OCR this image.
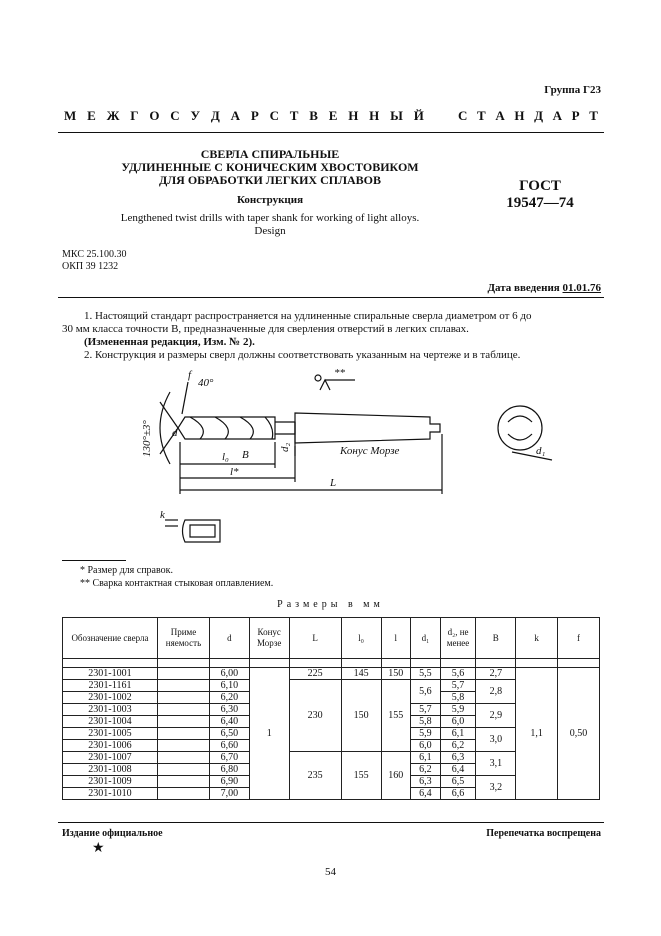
Группа Г23
М Е Ж Г О С У Д А Р С Т В Е Н Н Ы Й	С Т А Н Д А Р Т
СВЕРЛА СПИРАЛЬНЫЕ
УДЛИНЕННЫЕ С КОНИЧЕСКИМ ХВОСТОВИКОМ
ДЛЯ ОБРАБОТКИ ЛЕГКИХ СПЛАВОВ
Конструкция
Lengthened twist drills with taper shank for working of light alloys.
Design
ГОСТ
19547—74
МКС 25.100.30
ОКП 39 1232
Дата введения 01.01.76
1. Настоящий стандарт распространяется на удлиненные спиральные сверла диаметром от 6 до
30 мм класса точности В, предназначенные для сверления отверстий в легких сплавах.
(Измененная редакция, Изм. № 2).
2. Конструкция и размеры сверл должны соответствовать указанным на чертеже и в таблице.
f
40°
130°±3° d
d₂
l₀ B
l*
L
Конус Морзе
**
d₁
k
* Размер для справок.
** Сварка контактная стыковая оплавлением.
Размеры в мм
Обозначение сверла	Приме няемость	d	Конус Морзе	L	l₀	l	d₁	d₂, не менее	B	k	f

2301-1001		6,00	1	225	145	150	5,5	5,6	2,7	1,1	0,50
2301-1161		6,10		230	150	155	5,6	5,7	2,8		
2301-1002		6,20						5,8			
2301-1003		6,30					5,7	5,9	2,9		
2301-1004		6,40					5,8	6,0			
2301-1005		6,50					5,9	6,1	3,0		
2301-1006		6,60					6,0	6,2			
2301-1007		6,70		235	155	160	6,1	6,3	3,1		
2301-1008		6,80					6,2	6,4			
2301-1009		6,90					6,3	6,5	3,2		
2301-1010		7,00					6,4	6,6			
Издание официальное	Перепечатка воспрещена
★
54
